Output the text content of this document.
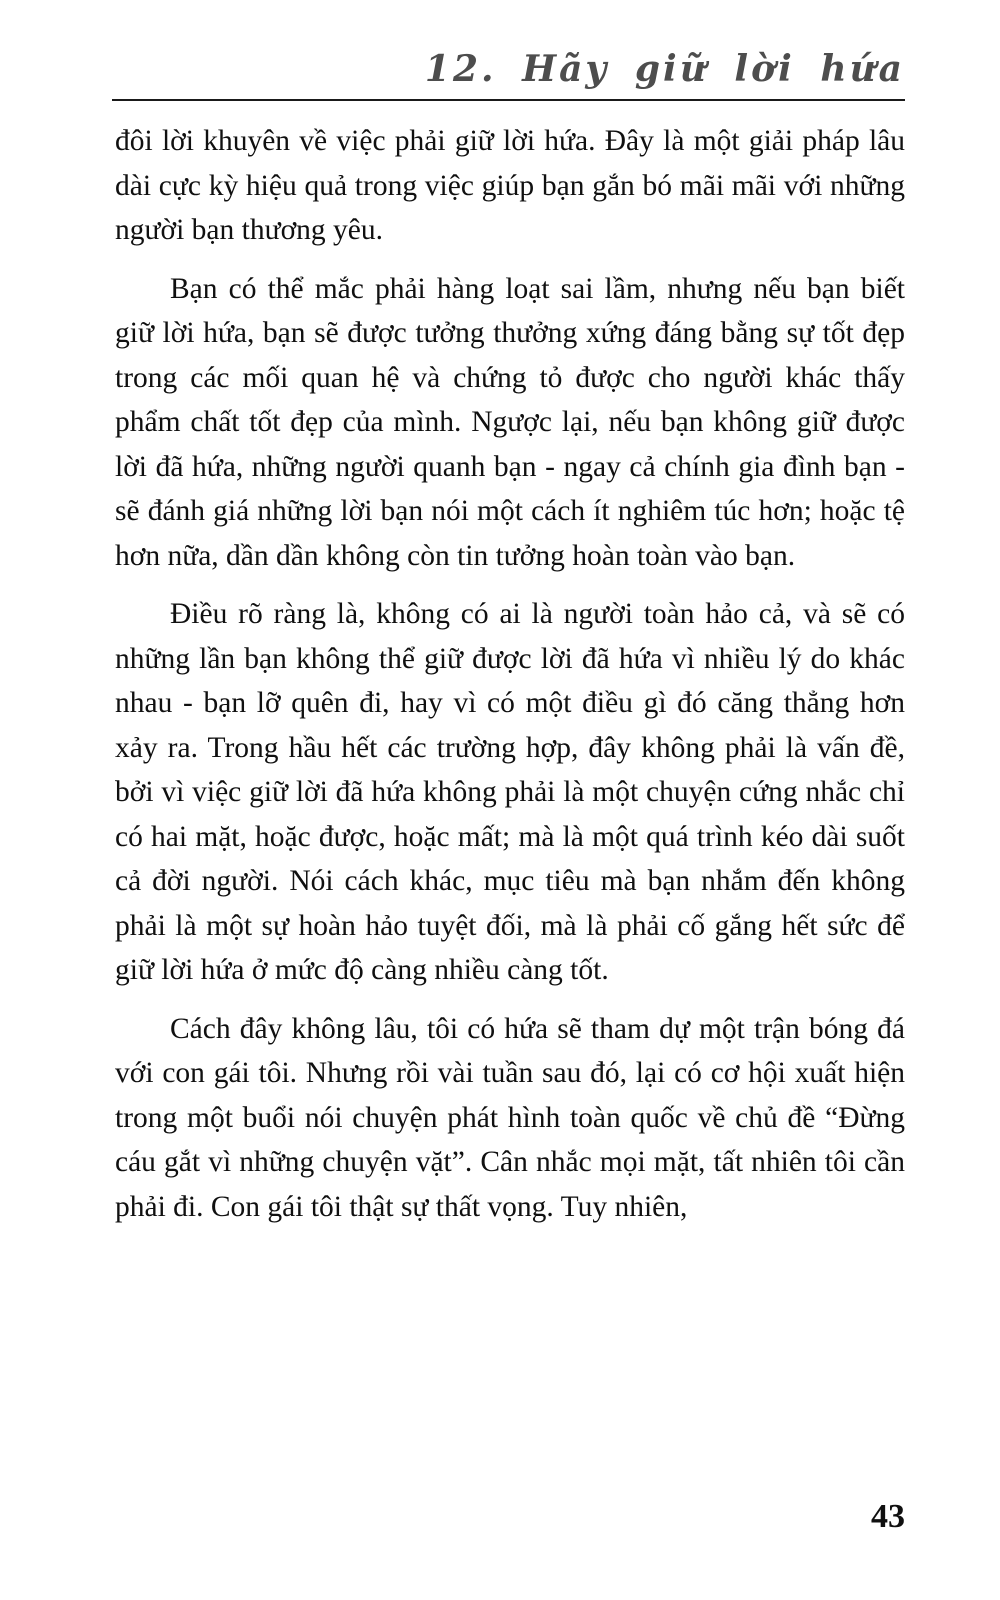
12. Hãy giữ lời hứa

đôi lời khuyên về việc phải giữ lời hứa. Đây là một giải pháp lâu dài cực kỳ hiệu quả trong việc giúp bạn gắn bó mãi mãi với những người bạn thương yêu.

Bạn có thể mắc phải hàng loạt sai lầm, nhưng nếu bạn biết giữ lời hứa, bạn sẽ được tưởng thưởng xứng đáng bằng sự tốt đẹp trong các mối quan hệ và chứng tỏ được cho người khác thấy phẩm chất tốt đẹp của mình. Ngược lại, nếu bạn không giữ được lời đã hứa, những người quanh bạn - ngay cả chính gia đình bạn - sẽ đánh giá những lời bạn nói một cách ít nghiêm túc hơn; hoặc tệ hơn nữa, dần dần không còn tin tưởng hoàn toàn vào bạn.

Điều rõ ràng là, không có ai là người toàn hảo cả, và sẽ có những lần bạn không thể giữ được lời đã hứa vì nhiều lý do khác nhau - bạn lỡ quên đi, hay vì có một điều gì đó căng thẳng hơn xảy ra. Trong hầu hết các trường hợp, đây không phải là vấn đề, bởi vì việc giữ lời đã hứa không phải là một chuyện cứng nhắc chỉ có hai mặt, hoặc được, hoặc mất; mà là một quá trình kéo dài suốt cả đời người. Nói cách khác, mục tiêu mà bạn nhắm đến không phải là một sự hoàn hảo tuyệt đối, mà là phải cố gắng hết sức để giữ lời hứa ở mức độ càng nhiều càng tốt.

Cách đây không lâu, tôi có hứa sẽ tham dự một trận bóng đá với con gái tôi. Nhưng rồi vài tuần sau đó, lại có cơ hội xuất hiện trong một buổi nói chuyện phát hình toàn quốc về chủ đề “Đừng cáu gắt vì những chuyện vặt”. Cân nhắc mọi mặt, tất nhiên tôi cần phải đi. Con gái tôi thật sự thất vọng. Tuy nhiên,

43
